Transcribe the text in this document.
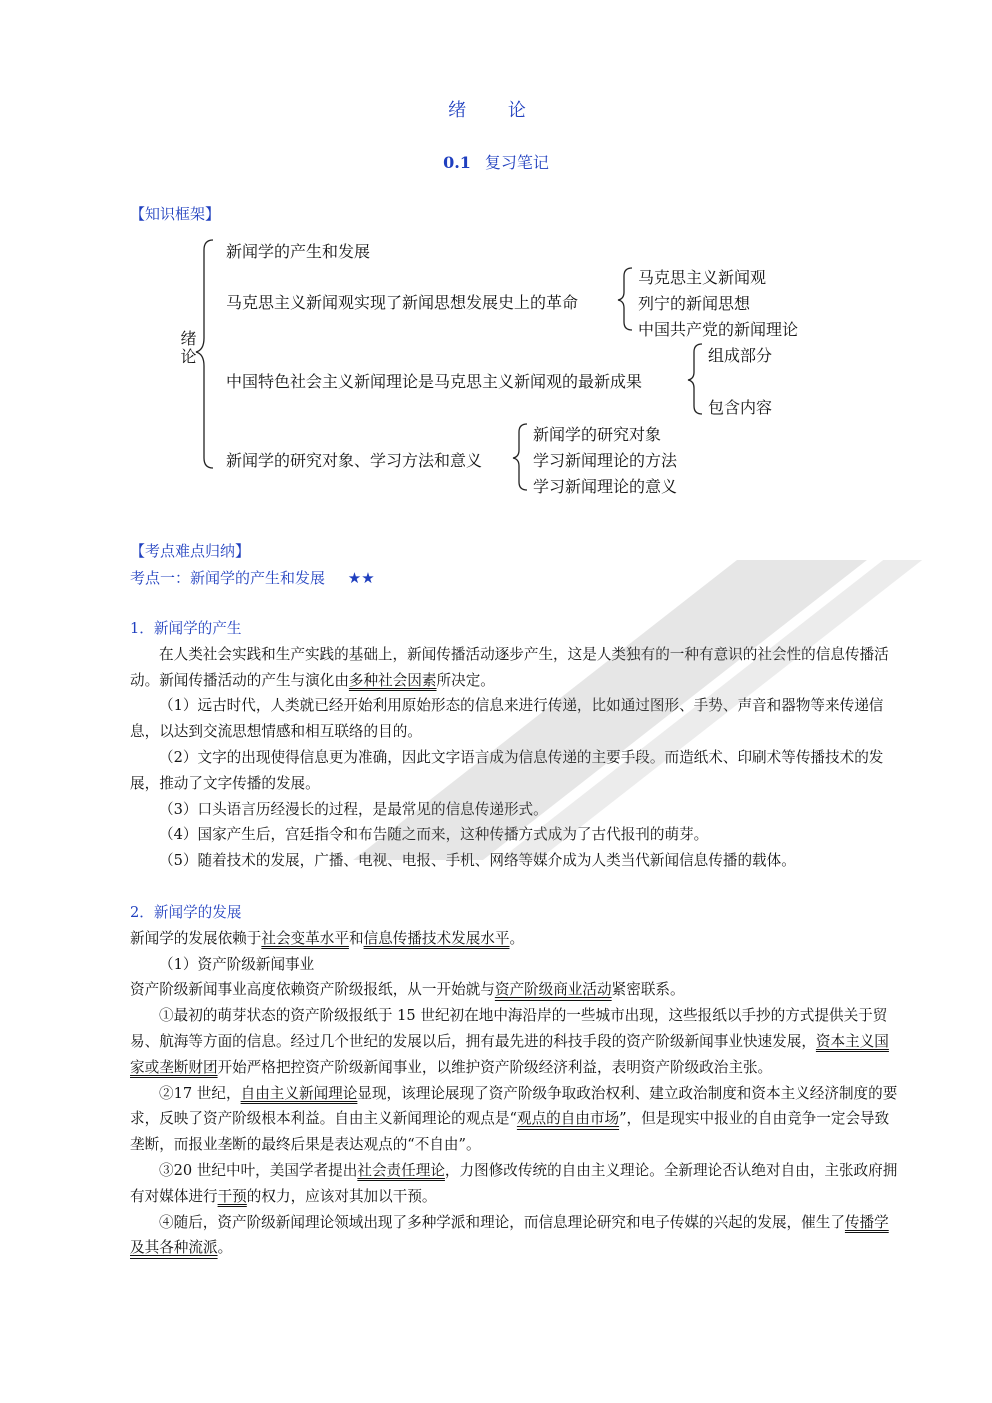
绪 论
0.1 复习笔记
【知识框架】
绪论
新闻学的产生和发展
马克思主义新闻观实现了新闻思想发展史上的革命
中国特色社会主义新闻理论是马克思主义新闻观的最新成果
新闻学的研究对象、学习方法和意义
马克思主义新闻观
列宁的新闻思想
中国共产党的新闻理论
组成部分
包含内容
新闻学的研究对象
学习新闻理论的方法
学习新闻理论的意义
【考点难点归纳】
考点一：新闻学的产生和发展 ★★

1．新闻学的产生

在人类社会实践和生产实践的基础上，新闻传播活动逐步产生，这是人类独有的一种有意识的社会性的信息传播活动。新闻传播活动的产生与演化由多种社会因素所决定。

（1）远古时代，人类就已经开始利用原始形态的信息来进行传递，比如通过图形、手势、声音和器物等来传递信息，以达到交流思想情感和相互联络的目的。

（2）文字的出现使得信息更为准确，因此文字语言成为信息传递的主要手段。而造纸术、印刷术等传播技术的发展，推动了文字传播的发展。

（3）口头语言历经漫长的过程，是最常见的信息传递形式。

（4）国家产生后，宫廷指令和布告随之而来，这种传播方式成为了古代报刊的萌芽。

（5）随着技术的发展，广播、电视、电报、手机、网络等媒介成为人类当代新闻信息传播的载体。

2．新闻学的发展

新闻学的发展依赖于社会变革水平和信息传播技术发展水平。

（1）资产阶级新闻事业

资产阶级新闻事业高度依赖资产阶级报纸，从一开始就与资产阶级商业活动紧密联系。

①最初的萌芽状态的资产阶级报纸于 15 世纪初在地中海沿岸的一些城市出现，这些报纸以手抄的方式提供关于贸易、航海等方面的信息。经过几个世纪的发展以后，拥有最先进的科技手段的资产阶级新闻事业快速发展，资本主义国家或垄断财团开始严格把控资产阶级新闻事业，以维护资产阶级经济利益，表明资产阶级政治主张。

②17 世纪，自由主义新闻理论显现，该理论展现了资产阶级争取政治权利、建立政治制度和资本主义经济制度的要求，反映了资产阶级根本利益。自由主义新闻理论的观点是“观点的自由市场”，但是现实中报业的自由竞争一定会导致垄断，而报业垄断的最终后果是表达观点的“不自由”。

③20 世纪中叶，美国学者提出社会责任理论，力图修改传统的自由主义理论。全新理论否认绝对自由，主张政府拥有对媒体进行干预的权力，应该对其加以干预。

④随后，资产阶级新闻理论领域出现了多种学派和理论，而信息理论研究和电子传媒的兴起的发展，催生了传播学及其各种流派。
